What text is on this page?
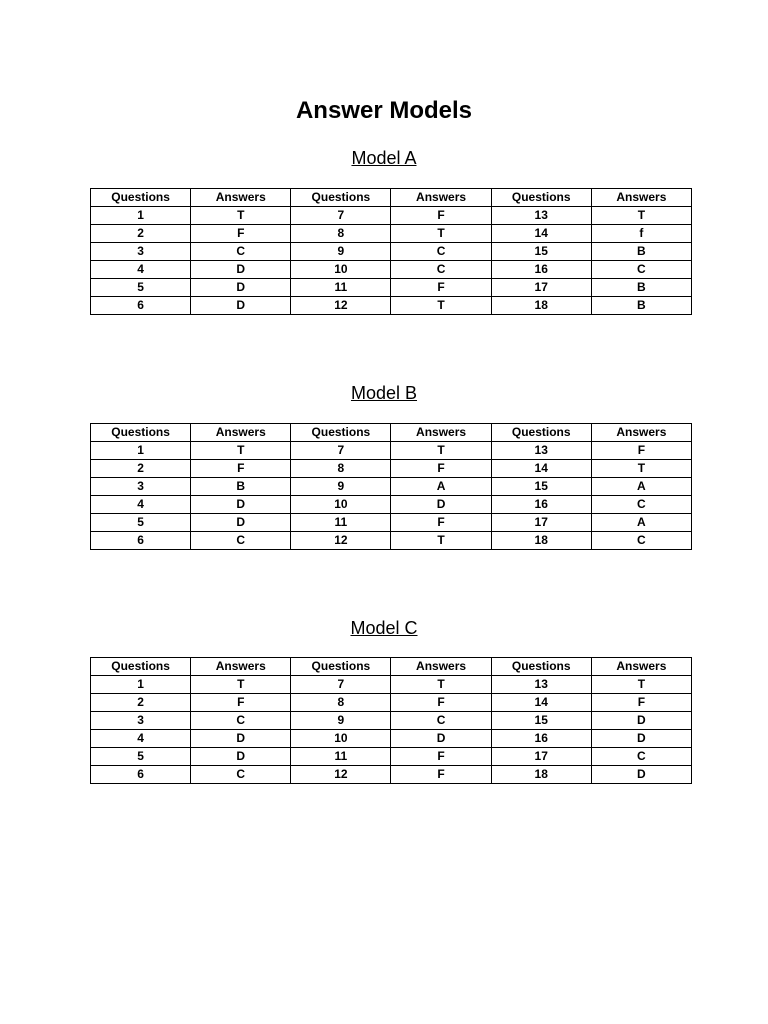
Answer Models
Model A
Questions	Answers	Questions	Answers	Questions	Answers
1	T	7	F	13	T
2	F	8	T	14	f
3	C	9	C	15	B
4	D	10	C	16	C
5	D	11	F	17	B
6	D	12	T	18	B
Model B
Questions	Answers	Questions	Answers	Questions	Answers
1	T	7	T	13	F
2	F	8	F	14	T
3	B	9	A	15	A
4	D	10	D	16	C
5	D	11	F	17	A
6	C	12	T	18	C
Model C
Questions	Answers	Questions	Answers	Questions	Answers
1	T	7	T	13	T
2	F	8	F	14	F
3	C	9	C	15	D
4	D	10	D	16	D
5	D	11	F	17	C
6	C	12	F	18	D
